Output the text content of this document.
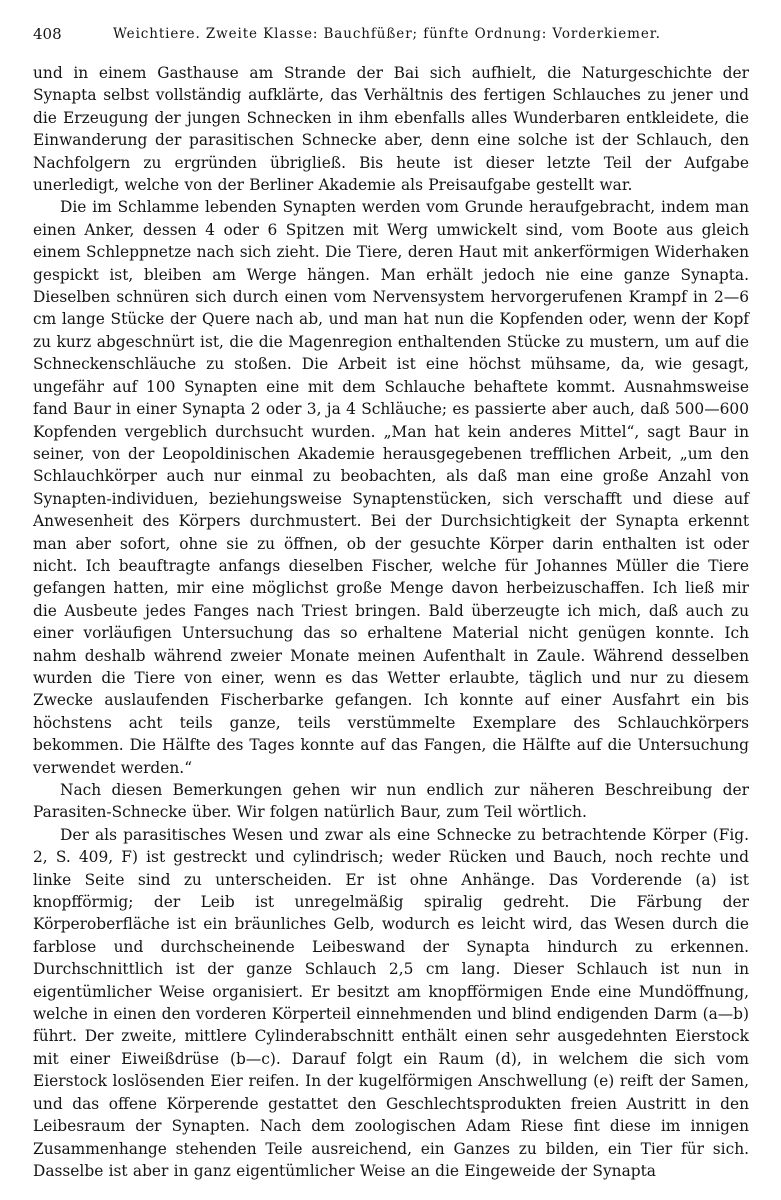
408	Weichtiere. Zweite Klasse: Bauchfüßer; fünfte Ordnung: Vorderkiemer.

und in einem Gasthause am Strande der Bai sich aufhielt, die Naturgeschichte der Synapta selbst vollständig aufklärte, das Verhältnis des fertigen Schlauches zu jener und die Erzeugung der jungen Schnecken in ihm ebenfalls alles Wunderbaren entkleidete, die Einwanderung der parasitischen Schnecke aber, denn eine solche ist der Schlauch, den Nachfolgern zu ergründen übrigließ. Bis heute ist dieser letzte Teil der Aufgabe unerledigt, welche von der Berliner Akademie als Preisaufgabe gestellt war.

Die im Schlamme lebenden Synapten werden vom Grunde heraufgebracht, indem man einen Anker, dessen 4 oder 6 Spitzen mit Werg umwickelt sind, vom Boote aus gleich einem Schleppnetze nach sich zieht. Die Tiere, deren Haut mit ankerförmigen Widerhaken gespickt ist, bleiben am Werge hängen. Man erhält jedoch nie eine ganze Synapta. Dieselben schnüren sich durch einen vom Nervensystem hervorgerufenen Krampf in 2—6 cm lange Stücke der Quere nach ab, und man hat nun die Kopfenden oder, wenn der Kopf zu kurz abgeschnürt ist, die die Magenregion enthaltenden Stücke zu mustern, um auf die Schneckenschläuche zu stoßen. Die Arbeit ist eine höchst mühsame, da, wie gesagt, ungefähr auf 100 Synapten eine mit dem Schlauche behaftete kommt. Ausnahmsweise fand Baur in einer Synapta 2 oder 3, ja 4 Schläuche; es passierte aber auch, daß 500—600 Kopfenden vergeblich durchsucht wurden. „Man hat kein anderes Mittel“, sagt Baur in seiner, von der Leopoldinischen Akademie herausgegebenen trefflichen Arbeit, „um den Schlauchkörper auch nur einmal zu beobachten, als daß man eine große Anzahl von Synapten-individuen, beziehungsweise Synaptenstücken, sich verschafft und diese auf Anwesenheit des Körpers durchmustert. Bei der Durchsichtigkeit der Synapta erkennt man aber sofort, ohne sie zu öffnen, ob der gesuchte Körper darin enthalten ist oder nicht. Ich beauftragte anfangs dieselben Fischer, welche für Johannes Müller die Tiere gefangen hatten, mir eine möglichst große Menge davon herbeizuschaffen. Ich ließ mir die Ausbeute jedes Fanges nach Triest bringen. Bald überzeugte ich mich, daß auch zu einer vorläufigen Untersuchung das so erhaltene Material nicht genügen konnte. Ich nahm deshalb während zweier Monate meinen Aufenthalt in Zaule. Während desselben wurden die Tiere von einer, wenn es das Wetter erlaubte, täglich und nur zu diesem Zwecke auslaufenden Fischerbarke gefangen. Ich konnte auf einer Ausfahrt ein bis höchstens acht teils ganze, teils verstümmelte Exemplare des Schlauchkörpers bekommen. Die Hälfte des Tages konnte auf das Fangen, die Hälfte auf die Untersuchung verwendet werden.“

Nach diesen Bemerkungen gehen wir nun endlich zur näheren Beschreibung der Parasiten-Schnecke über. Wir folgen natürlich Baur, zum Teil wörtlich.

Der als parasitisches Wesen und zwar als eine Schnecke zu betrachtende Körper (Fig. 2, S. 409, F) ist gestreckt und cylindrisch; weder Rücken und Bauch, noch rechte und linke Seite sind zu unterscheiden. Er ist ohne Anhänge. Das Vorderende (a) ist knopfförmig; der Leib ist unregelmäßig spiralig gedreht. Die Färbung der Körperoberfläche ist ein bräunliches Gelb, wodurch es leicht wird, das Wesen durch die farblose und durchscheinende Leibeswand der Synapta hindurch zu erkennen. Durchschnittlich ist der ganze Schlauch 2,5 cm lang. Dieser Schlauch ist nun in eigentümlicher Weise organisiert. Er besitzt am knopfförmigen Ende eine Mundöffnung, welche in einen den vorderen Körperteil einnehmenden und blind endigenden Darm (a—b) führt. Der zweite, mittlere Cylinderabschnitt enthält einen sehr ausgedehnten Eierstock mit einer Eiweißdrüse (b—c). Darauf folgt ein Raum (d), in welchem die sich vom Eierstock loslösenden Eier reifen. In der kugelförmigen Anschwellung (e) reift der Samen, und das offene Körperende gestattet den Geschlechtsprodukten freien Austritt in den Leibesraum der Synapten. Nach dem zoologischen Adam Riese fint diese im innigen Zusammenhange stehenden Teile ausreichend, ein Ganzes zu bilden, ein Tier für sich. Dasselbe ist aber in ganz eigentümlicher Weise an die Eingeweide der Synapta
